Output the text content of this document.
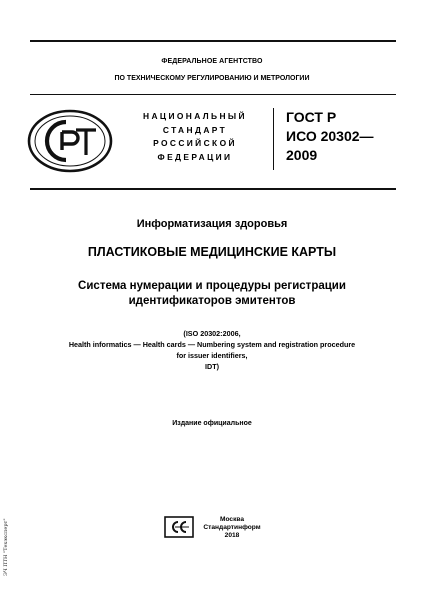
ФЕДЕРАЛЬНОЕ АГЕНТСТВО
ПО ТЕХНИЧЕСКОМУ РЕГУЛИРОВАНИЮ И МЕТРОЛОГИИ
НАЦИОНАЛЬНЫЙ
СТАНДАРТ
РОССИЙСКОЙ
ФЕДЕРАЦИИ
ГОСТ Р
ИСО 20302—
2009
Информатизация здоровья
ПЛАСТИКОВЫЕ МЕДИЦИНСКИЕ КАРТЫ
Система нумерации и процедуры регистрации
идентификаторов эмитентов
(ISO 20302:2006,
Health informatics — Health cards — Numbering system and registration procedure
for issuer identifiers,
IDT)
Издание официальное
Москва
Стандартинформ
2018
ЭЧ ПТН "Техэксперт"
